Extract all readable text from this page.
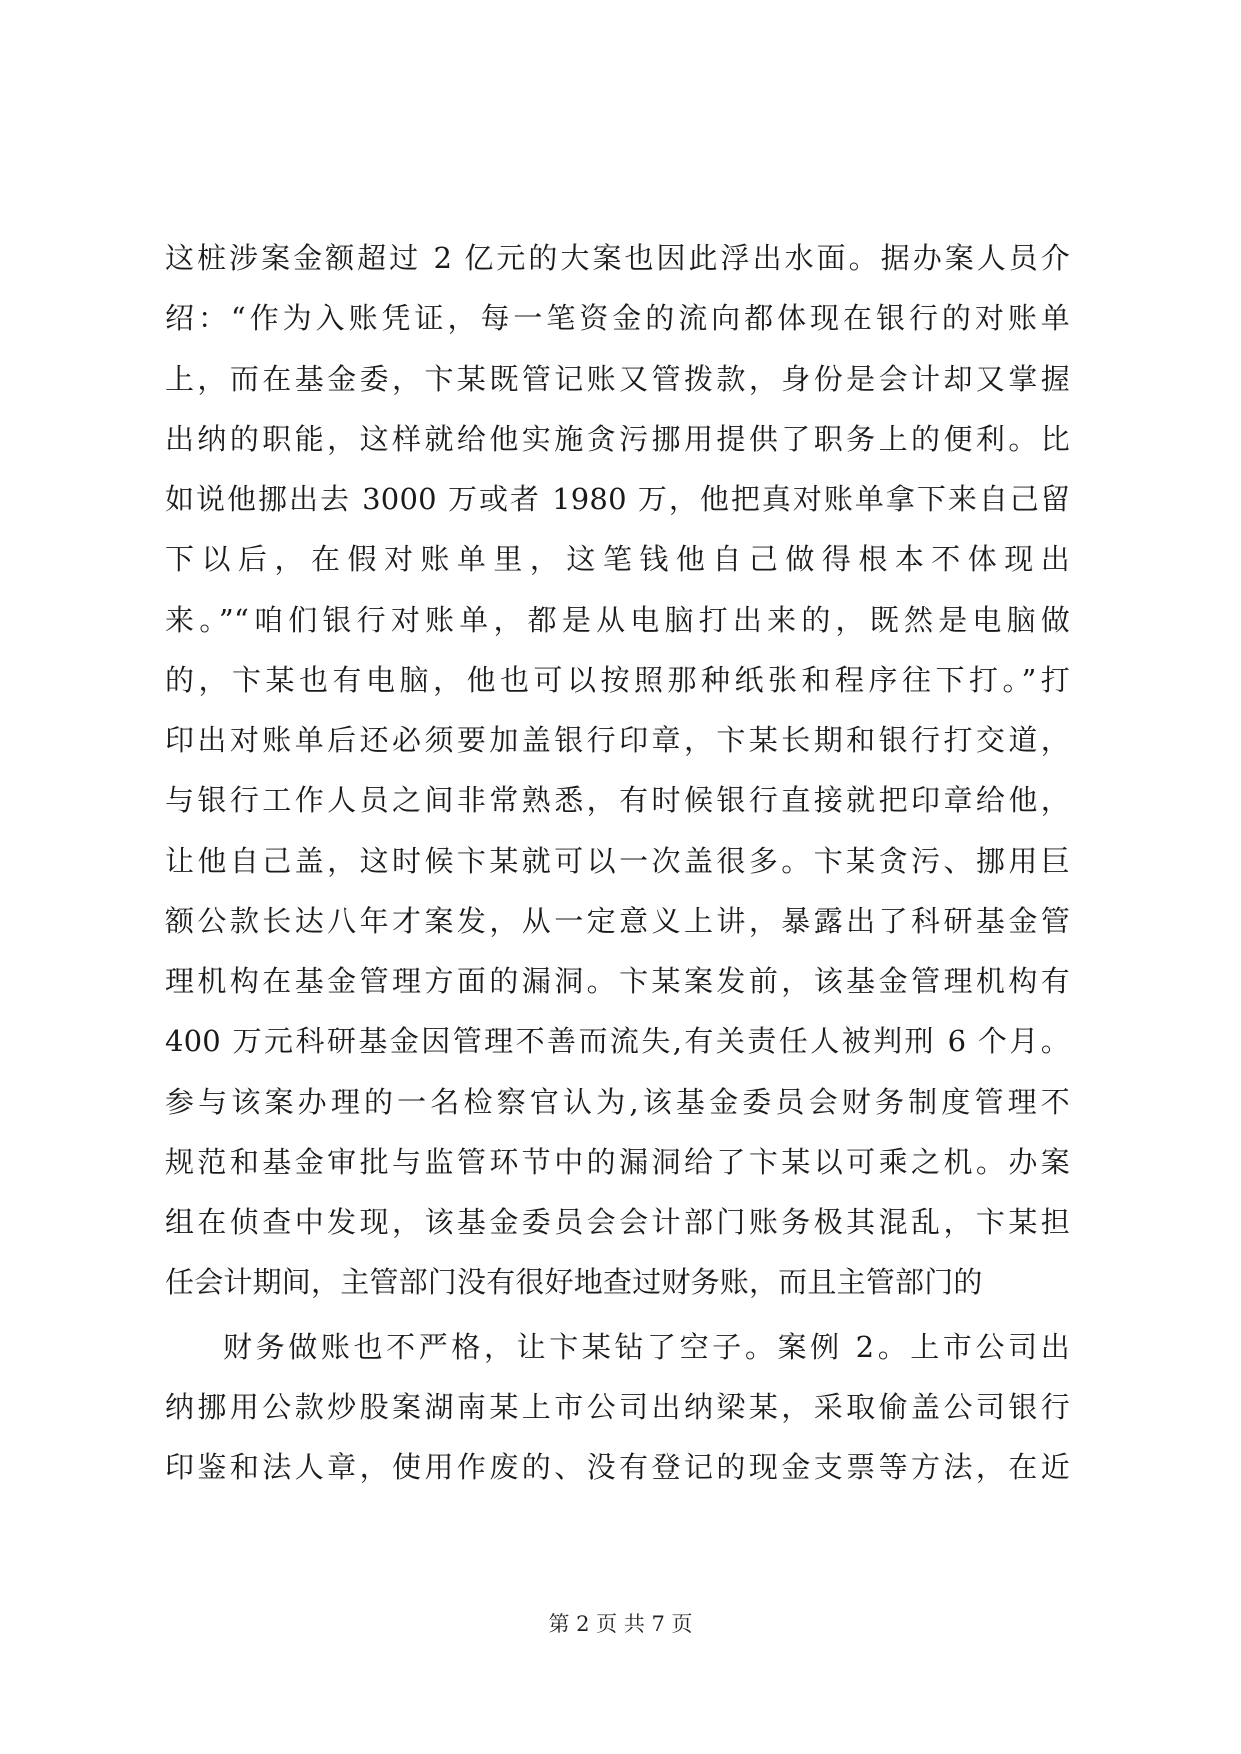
这桩涉案金额超过 2 亿元的大案也因此浮出水面。据办案人员介
绍：“作为入账凭证，每一笔资金的流向都体现在银行的对账单
上，而在基金委，卞某既管记账又管拨款，身份是会计却又掌握
出纳的职能，这样就给他实施贪污挪用提供了职务上的便利。比
如说他挪出去 3000 万或者 1980 万，他把真对账单拿下来自己留
下以后，在假对账单里，这笔钱他自己做得根本不体现出
来。”“咱们银行对账单，都是从电脑打出来的，既然是电脑做
的，卞某也有电脑，他也可以按照那种纸张和程序往下打。”打
印出对账单后还必须要加盖银行印章，卞某长期和银行打交道，
与银行工作人员之间非常熟悉，有时候银行直接就把印章给他，
让他自己盖，这时候卞某就可以一次盖很多。卞某贪污、挪用巨
额公款长达八年才案发，从一定意义上讲，暴露出了科研基金管
理机构在基金管理方面的漏洞。卞某案发前，该基金管理机构有
400 万元科研基金因管理不善而流失,有关责任人被判刑 6 个月。
参与该案办理的一名检察官认为,该基金委员会财务制度管理不
规范和基金审批与监管环节中的漏洞给了卞某以可乘之机。办案
组在侦查中发现，该基金委员会会计部门账务极其混乱，卞某担
任会计期间，主管部门没有很好地查过财务账，而且主管部门的
财务做账也不严格，让卞某钻了空子。案例 2。上市公司出
纳挪用公款炒股案湖南某上市公司出纳梁某，采取偷盖公司银行
印鉴和法人章，使用作废的、没有登记的现金支票等方法，在近
第 2 页 共 7 页
